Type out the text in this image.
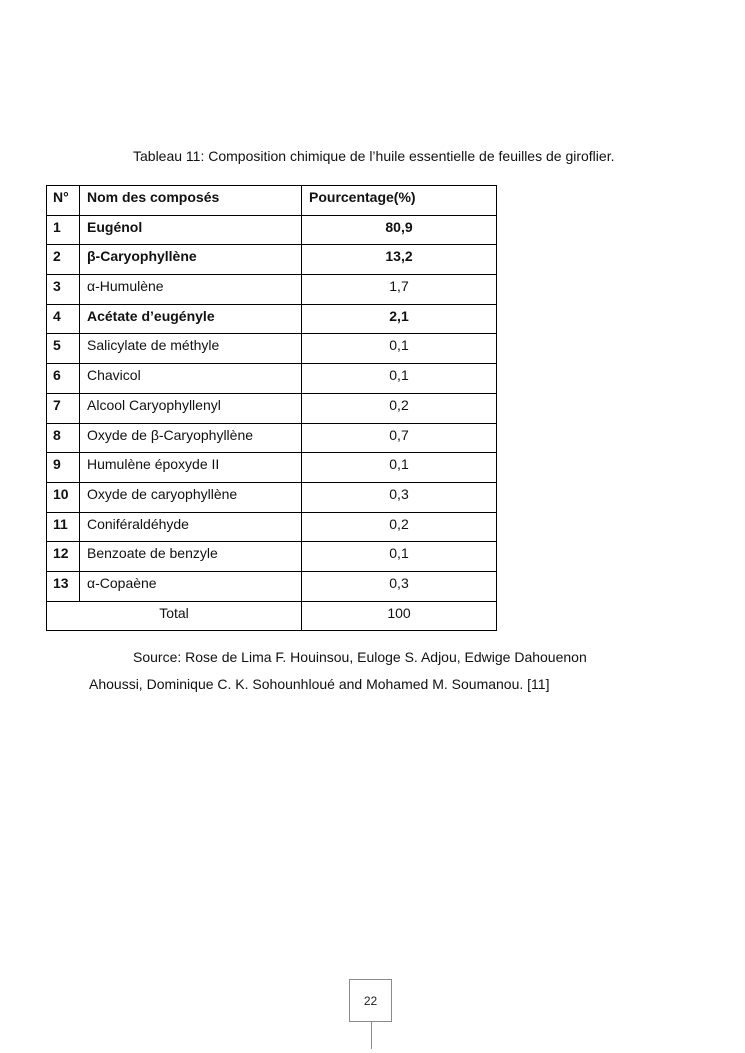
Tableau 11: Composition chimique de l’huile essentielle de feuilles de giroflier.
N°	Nom des composés	Pourcentage(%)
1	Eugénol	80,9
2	β-Caryophyllène	13,2
3	α-Humulène	1,7
4	Acétate d’eugényle	2,1
5	Salicylate de méthyle	0,1
6	Chavicol	0,1
7	Alcool Caryophyllenyl	0,2
8	Oxyde de β-Caryophyllène	0,7
9	Humulène époxyde II	0,1
10	Oxyde de caryophyllène	0,3
11	Coniféraldéhyde	0,2
12	Benzoate de benzyle	0,1
13	α-Copaène	0,3
Total		100
Source: Rose de Lima F. Houinsou, Euloge S. Adjou, Edwige Dahouenon
Ahoussi, Dominique C. K. Sohounhloué and Mohamed M. Soumanou. [11]
22
